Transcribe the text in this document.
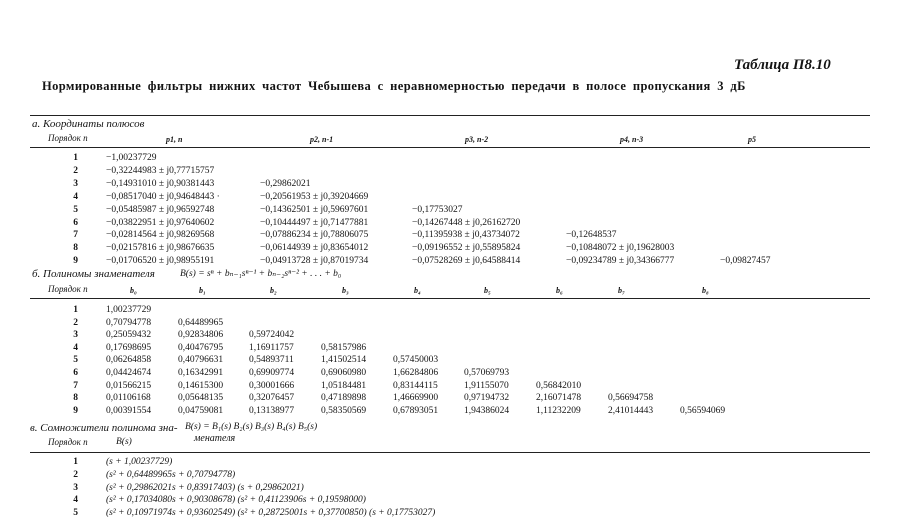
Таблица П8.10
Нормированные фильтры нижних частот Чебышева с неравномерностью передачи в полосе пропускания 3 дБ
а. Координаты полюсов
Порядок n	p1, n	p2, n-1	p3, n-2	p4, n-3	p5
1	−1,00237729
2	−0,32244983 ± j0,77715757
3	−0,14931010 ± j0,90381443	−0,29862021
4	−0,08517040 ± j0,94648443 ·	−0,20561953 ± j0,39204669
5	−0,05485987 ± j0,96592748	−0,14362501 ± j0,59697601	−0,17753027
6	−0,03822951 ± j0,97640602	−0,10444497 ± j0,71477881	−0,14267448 ± j0,26162720
7	−0,02814564 ± j0,98269568	−0,07886234 ± j0,78806075	−0,11395938 ± j0,43734072	−0,12648537
8	−0,02157816 ± j0,98676635	−0,06144939 ± j0,83654012	−0,09196552 ± j0,55895824	−0,10848072 ± j0,19628003
9	−0,01706520 ± j0,98955191	−0,04913728 ± j0,87019734	−0,07528269 ± j0,64588414	−0,09234789 ± j0,34366777	−0,09827457
б. Полиномы знаменателя	B(s) = sⁿ + bₙ₋₁sⁿ⁻¹ + bₙ₋₂sⁿ⁻² + . . . + b₀
Порядок n	b₀	b₁	b₂	b₃	b₄	b₅	b₆	b₇	b₈
1	1,00237729
2	0,70794778	0,64489965
3	0,25059432	0,92834806	0,59724042
4	0,17698695	0,40476795	1,16911757	0,58157986
5	0,06264858	0,40796631	0,54893711	1,41502514	0,57450003
6	0,04424674	0,16342991	0,69909774	0,69060980	1,66284806	0,57069793
7	0,01566215	0,14615300	0,30001666	1,05184481	0,83144115	1,91155070	0,56842010
8	0,01106168	0,05648135	0,32076457	0,47189898	1,46669900	0,97194732	2,16071478	0,56694758
9	0,00391554	0,04759081	0,13138977	0,58350569	0,67893051	1,94386024	1,11232209	2,41014443	0,56594069
в. Сомножители полинома зна- B(s) = B₁(s) B₂(s) B₃(s) B₄(s) B₅(s)
менателя
Порядок n	B(s)
1	(s + 1,00237729)
2	(s² + 0,64489965s + 0,70794778)
3	(s² + 0,29862021s + 0,83917403) (s + 0,29862021)
4	(s² + 0,17034080s + 0,90308678) (s² + 0,41123906s + 0,19598000)
5	(s² + 0,10971974s + 0,93602549) (s² + 0,28725001s + 0,37700850) (s + 0,17753027)
